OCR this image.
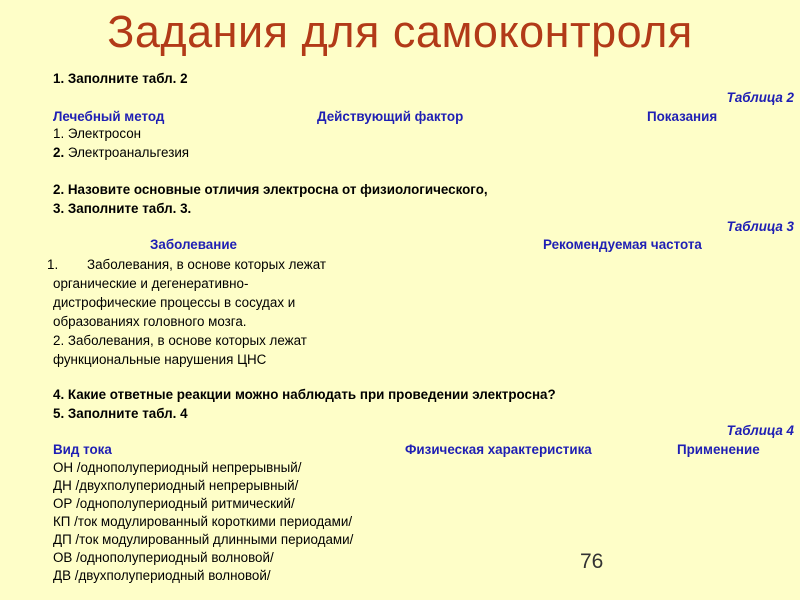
Задания для самоконтроля
1. Заполните табл. 2
Таблица 2
Лечебный метод	Действующий фактор	Показания
1. Электросон
2. Электроанальгезия
2. Назовите основные отличия электросна от физиологического,
3. Заполните табл. 3.
Таблица 3
Заболевание	Рекомендуемая частота
1. Заболевания, в основе которых лежат
органические и дегенеративно-
дистрофические процессы в сосудах и
образованиях головного мозга.
2. Заболевания, в основе которых лежат
функциональные нарушения ЦНС
4. Какие ответные реакции можно наблюдать при проведении электросна?
5. Заполните табл. 4
Таблица 4
Вид тока	Физическая характеристика	Применение
ОН /однополупериодный непрерывный/
ДН /двухполупериодный непрерывный/
ОР /однополупериодный ритмический/
КП /ток модулированный короткими периодами/
ДП /ток модулированный длинными периодами/
ОВ /однополупериодный волновой/
ДВ /двухполупериодный волновой/
76
